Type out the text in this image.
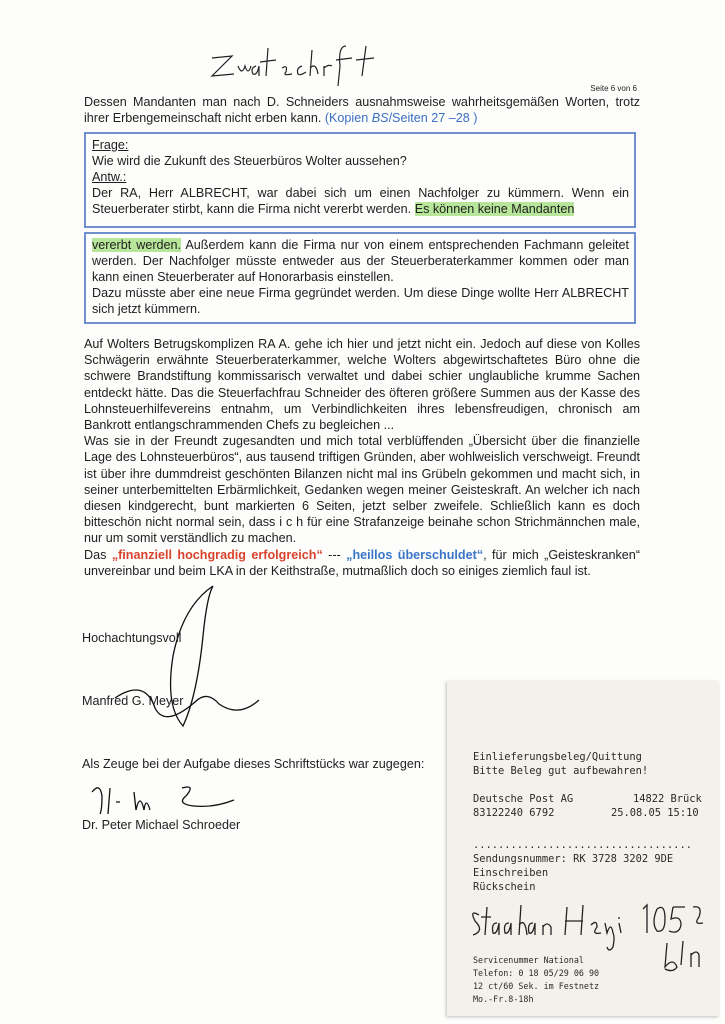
Seite 6 von 6
Dessen Mandanten man nach D. Schneiders ausnahmsweise wahrheitsgemäßen Worten, trotz ihrer Erbengemeinschaft nicht erben kann. (Kopien BS/Seiten 27 –28 )
Frage:
Wie wird die Zukunft des Steuerbüros Wolter aussehen?
Antw.:
Der RA, Herr ALBRECHT, war dabei sich um einen Nachfolger zu kümmern. Wenn ein Steuerberater stirbt, kann die Firma nicht vererbt werden. Es können keine Mandanten
vererbt werden. Außerdem kann die Firma nur von einem entsprechenden Fachmann geleitet werden. Der Nachfolger müsste entweder aus der Steuerberaterkammer kommen oder man kann einen Steuerberater auf Honorarbasis einstellen.
Dazu müsste aber eine neue Firma gegründet werden. Um diese Dinge wollte Herr ALBRECHT sich jetzt kümmern.

Auf Wolters Betrugskomplizen RA A. gehe ich hier und jetzt nicht ein. Jedoch auf diese von Kolles Schwägerin erwähnte Steuerberaterkammer, welche Wolters abgewirtschaftetes Büro ohne die schwere Brandstiftung kommissarisch verwaltet und dabei schier unglaubliche krumme Sachen entdeckt hätte. Das die Steuerfachfrau Schneider des öfteren größere Summen aus der Kasse des Lohnsteuerhilfevereins entnahm, um Verbindlichkeiten ihres lebensfreudigen, chronisch am Bankrott entlangschrammenden Chefs zu begleichen ...

Was sie in der Freundt zugesandten und mich total verblüffenden „Übersicht über die finanzielle Lage des Lohnsteuerbüros“, aus tausend triftigen Gründen, aber wohlweislich verschweigt. Freundt ist über ihre dummdreist geschönten Bilanzen nicht mal ins Grübeln gekommen und macht sich, in seiner unterbemittelten Erbärmlichkeit, Gedanken wegen meiner Geisteskraft. An welcher ich nach diesen kindgerecht, bunt markierten 6 Seiten, jetzt selber zweifele. Schließlich kann es doch bitteschön nicht normal sein, dass i c h für eine Strafanzeige beinahe schon Strichmännchen male, nur um somit verständlich zu machen.

Das „finanziell hochgradig erfolgreich“ --- „heillos überschuldet“, für mich „Geisteskranken“ unvereinbar und beim LKA in der Keithstraße, mutmaßlich doch so einiges ziemlich faul ist.

Hochachtungsvoll
Manfred G. Meyer
Als Zeuge bei der Aufgabe dieses Schriftstücks war zugegen:
Dr. Peter Michael Schroeder
Einlieferungsbeleg/Quittung
Bitte Beleg gut aufbewahren!
Deutsche Post AG	14822 Brück
83122240 6792	25.08.05 15:10
...................................
Sendungsnummer: RK 3728 3202 9DE
Einschreiben
Rückschein
Servicenummer National
Telefon: 0 18 05/29 06 90
12 ct/60 Sek. im Festnetz
Mo.-Fr.8-18h
